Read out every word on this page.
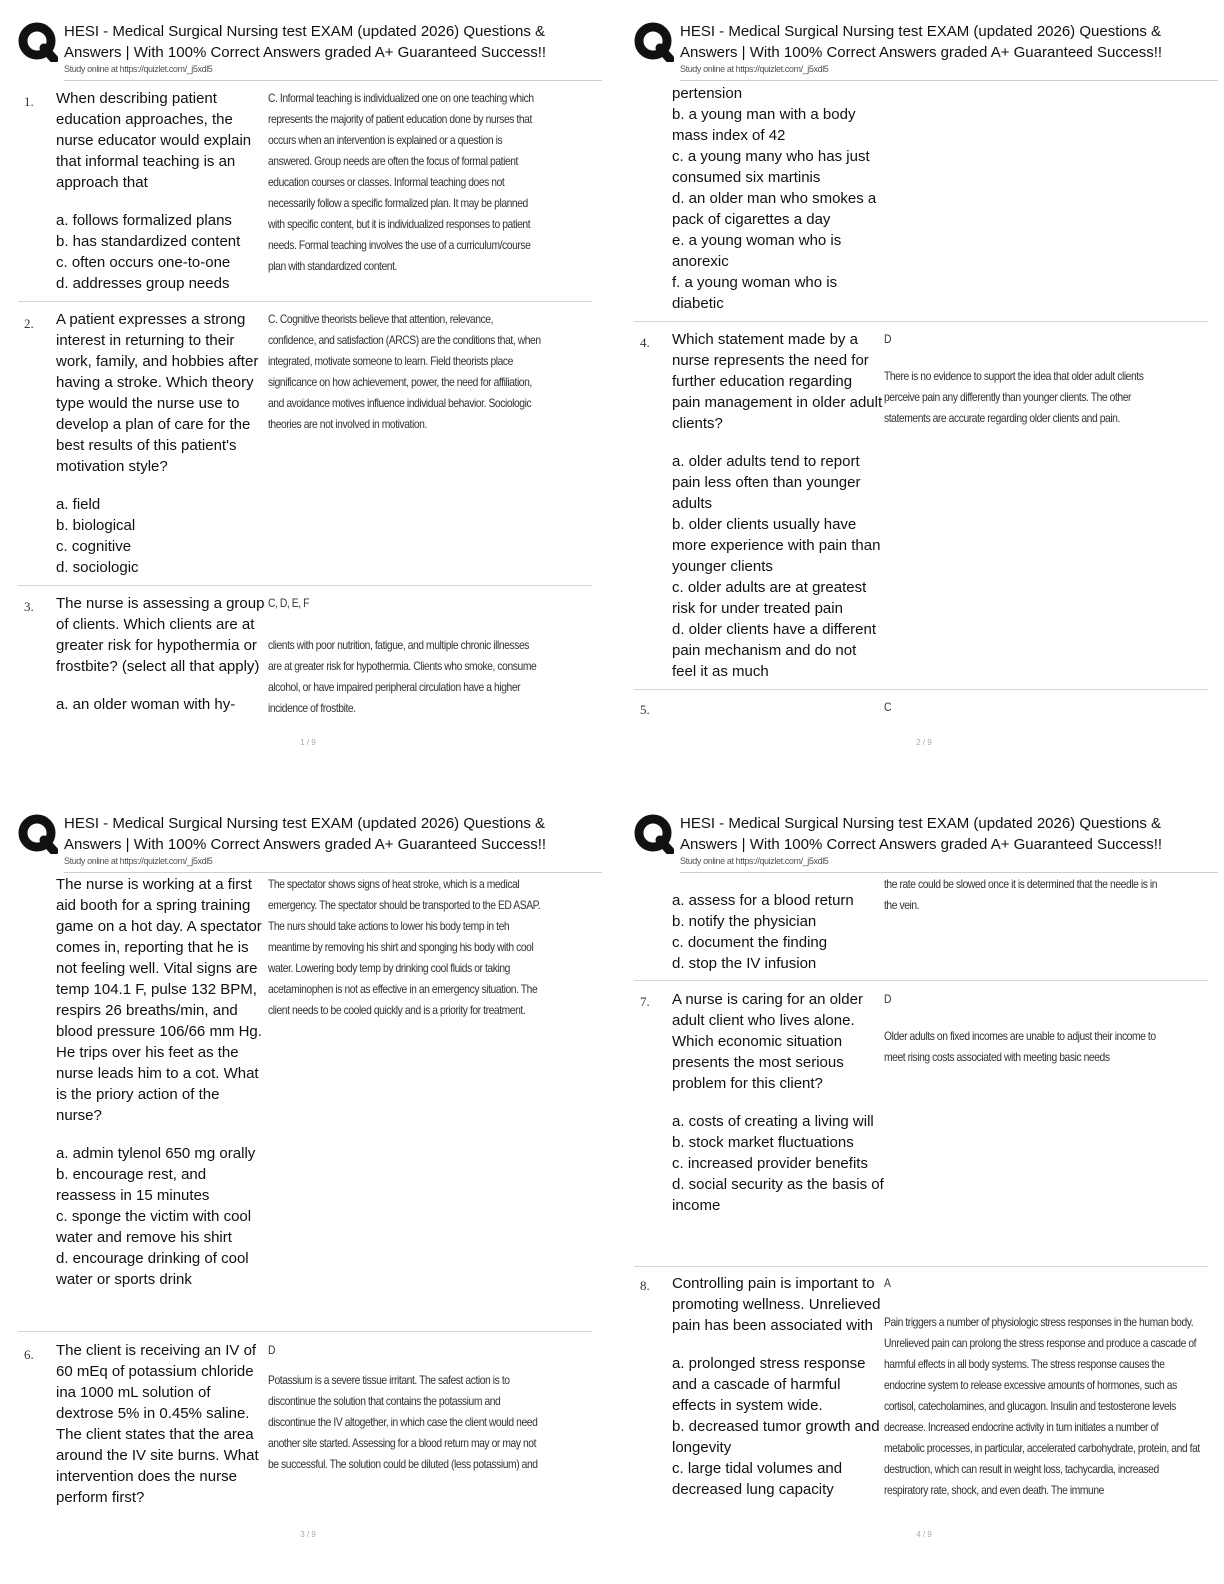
HESI - Medical Surgical Nursing test EXAM (updated 2026) Questions & Answers | With 100% Correct Answers graded A+ Guaranteed Success!!
Study online at https://quizlet.com/_j5xdl5
1. When describing patient education approaches, the nurse educator would explain that informal teaching is an approach that

a. follows formalized plans

b. has standardized content

c. often occurs one-to-one

d. addresses group needs

C. Informal teaching is individualized one on one teaching which represents the majority of patient education done by nurses that occurs when an intervention is explained or a question is answered. Group needs are often the focus of formal patient education courses or classes. Informal teaching does not necessarily follow a specific formalized plan. It may be planned with specific content, but it is individualized responses to patient needs. Formal teaching involves the use of a curriculum/course plan with standardized content.
2. A patient expresses a strong interest in returning to their work, family, and hobbies after having a stroke. Which theory type would the nurse use to develop a plan of care for the best results of this patient's motivation style?

a. field

b. biological

c. cognitive

d. sociologic

C. Cognitive theorists believe that attention, relevance, confidence, and satisfaction (ARCS) are the conditions that, when integrated, motivate someone to learn. Field theorists place significance on how achievement, power, the need for affiliation, and avoidance motives influence individual behavior. Sociologic theories are not involved in motivation.
3. The nurse is assessing a group of clients. Which clients are at greater risk for hypothermia or frostbite? (select all that apply)

a. an older woman with hy-

C, D, E, F
clients with poor nutrition, fatigue, and multiple chronic illnesses are at greater risk for hypothermia. Clients who smoke, consume alcohol, or have impaired peripheral circulation have a higher incidence of frostbite.
1 / 9
HESI - Medical Surgical Nursing test EXAM (updated 2026) Questions & Answers | With 100% Correct Answers graded A+ Guaranteed Success!!
Study online at https://quizlet.com/_j5xdl5

pertension

b. a young man with a body mass index of 42

c. a young many who has just consumed six martinis

d. an older man who smokes a pack of cigarettes a day

e. a young woman who is anorexic

f. a young woman who is diabetic

4. Which statement made by a nurse represents the need for further education regarding pain management in older adult clients?

a. older adults tend to report pain less often than younger adults

b. older clients usually have more experience with pain than younger clients

c. older adults are at greatest risk for under treated pain

d. older clients have a different pain mechanism and do not feel it as much

D
There is no evidence to support the idea that older adult clients perceive pain any differently than younger clients. The other statements are accurate regarding older clients and pain.
5.	C
2 / 9
HESI - Medical Surgical Nursing test EXAM (updated 2026) Questions & Answers | With 100% Correct Answers graded A+ Guaranteed Success!!
Study online at https://quizlet.com/_j5xdl5

The nurse is working at a first aid booth for a spring training game on a hot day. A spectator comes in, reporting that he is not feeling well. Vital signs are temp 104.1 F, pulse 132 BPM, respirs 26 breaths/min, and blood pressure 106/66 mm Hg. He trips over his feet as the nurse leads him to a cot. What is the priory action of the nurse?

a. admin tylenol 650 mg orally

b. encourage rest, and reassess in 15 minutes

c. sponge the victim with cool water and remove his shirt

d. encourage drinking of cool water or sports drink

The spectator shows signs of heat stroke, which is a medical emergency. The spectator should be transported to the ED ASAP. The nurs should take actions to lower his body temp in teh meantime by removing his shirt and sponging his body with cool water. Lowering body temp by drinking cool fluids or taking acetaminophen is not as effective in an emergency situation. The client needs to be cooled quickly and is a priority for treatment.
6. The client is receiving an IV of 60 mEq of potassium chloride ina 1000 mL solution of dextrose 5% in 0.45% saline. The client states that the area around the IV site burns. What intervention does the nurse perform first?

D
Potassium is a severe tissue irritant. The safest action is to discontinue the solution that contains the potassium and discontinue the IV altogether, in which case the client would need another site started. Assessing for a blood return may or may not be successful. The solution could be diluted (less potassium) and
3 / 9
HESI - Medical Surgical Nursing test EXAM (updated 2026) Questions & Answers | With 100% Correct Answers graded A+ Guaranteed Success!!
Study online at https://quizlet.com/_j5xdl5

a. assess for a blood return

b. notify the physician

c. document the finding

d. stop the IV infusion

the rate could be slowed once it is determined that the needle is in the vein.
7. A nurse is caring for an older adult client who lives alone. Which economic situation presents the most serious problem for this client?

a. costs of creating a living will

b. stock market fluctuations

c. increased provider benefits

d. social security as the basis of income

D
Older adults on fixed incomes are unable to adjust their income to meet rising costs associated with meeting basic needs
8. Controlling pain is important to promoting wellness. Unrelieved pain has been associated with

a. prolonged stress response and a cascade of harmful effects in system wide.

b. decreased tumor growth and longevity

c. large tidal volumes and decreased lung capacity

A
Pain triggers a number of physiologic stress responses in the human body. Unrelieved pain can prolong the stress response and produce a cascade of harmful effects in all body systems. The stress response causes the endocrine system to release excessive amounts of hormones, such as cortisol, catecholamines, and glucagon. Insulin and testosterone levels decrease. Increased endocrine activity in turn initiates a number of metabolic processes, in particular, accelerated carbohydrate, protein, and fat destruction, which can result in weight loss, tachycardia, increased respiratory rate, shock, and even death. The immune
4 / 9
